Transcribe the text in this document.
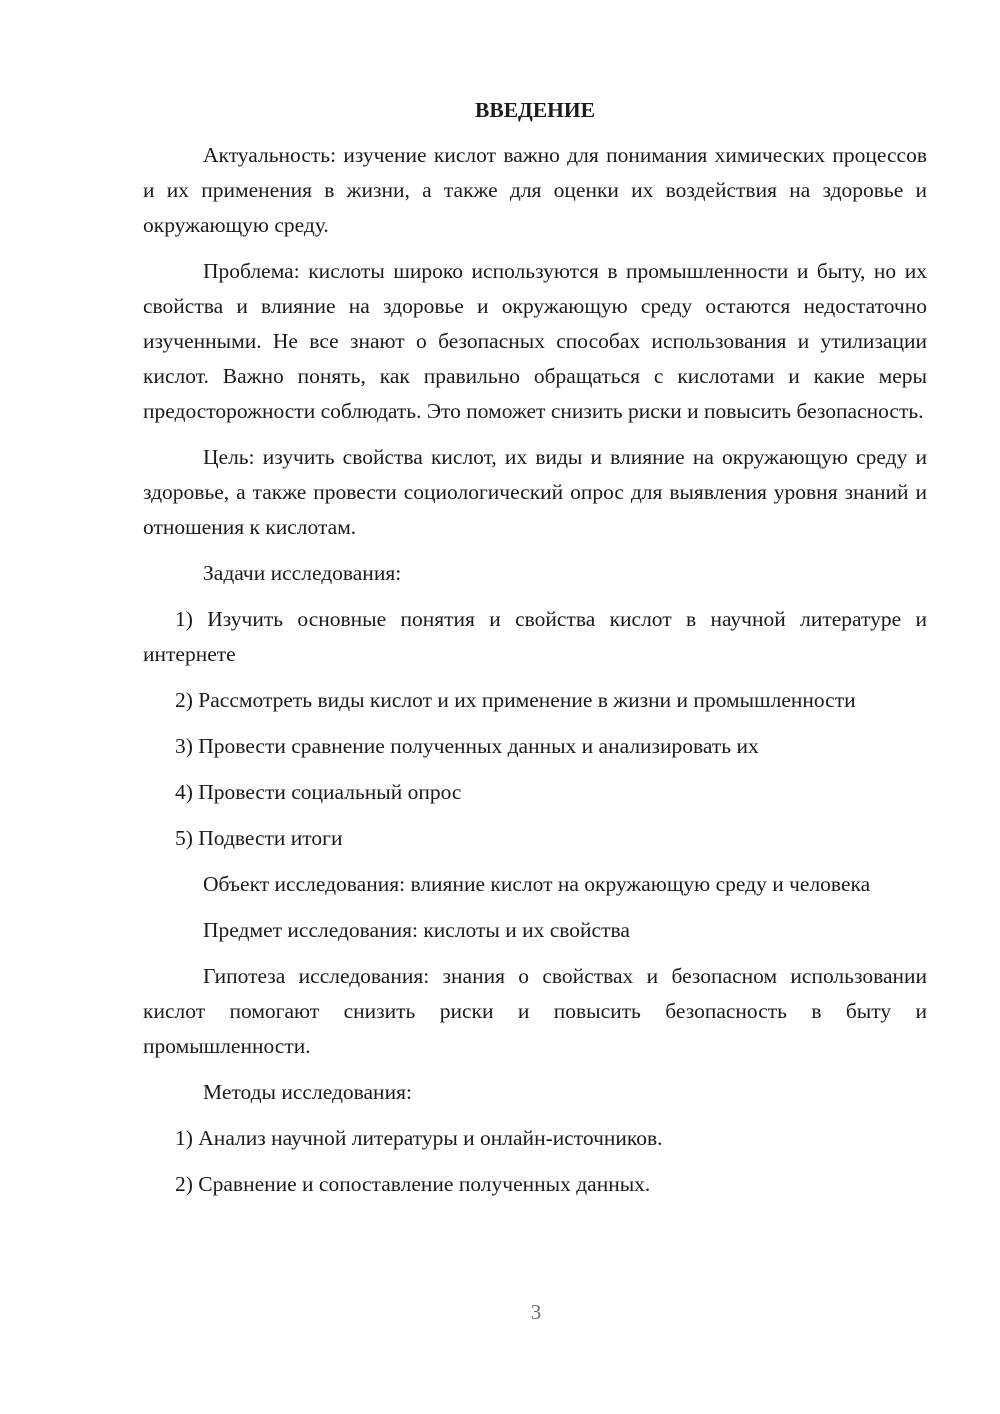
ВВЕДЕНИЕ

Актуальность: изучение кислот важно для понимания химических процессов и их применения в жизни, а также для оценки их воздействия на здоровье и окружающую среду.

Проблема: кислоты широко используются в промышленности и быту, но их свойства и влияние на здоровье и окружающую среду остаются недостаточно изученными. Не все знают о безопасных способах использования и утилизации кислот. Важно понять, как правильно обращаться с кислотами и какие меры предосторожности соблюдать. Это поможет снизить риски и повысить безопасность.

Цель: изучить свойства кислот, их виды и влияние на окружающую среду и здоровье, а также провести социологический опрос для выявления уровня знаний и отношения к кислотам.

Задачи исследования:

1) Изучить основные понятия и свойства кислот в научной литературе и интернете

2) Рассмотреть виды кислот и их применение в жизни и промышленности

3) Провести сравнение полученных данных и анализировать их

4) Провести социальный опрос

5) Подвести итоги

Объект исследования: влияние кислот на окружающую среду и человека

Предмет исследования: кислоты и их свойства

Гипотеза исследования: знания о свойствах и безопасном использовании кислот помогают снизить риски и повысить безопасность в быту и промышленности.

Методы исследования:

1) Анализ научной литературы и онлайн-источников.

2) Сравнение и сопоставление полученных данных.

3
